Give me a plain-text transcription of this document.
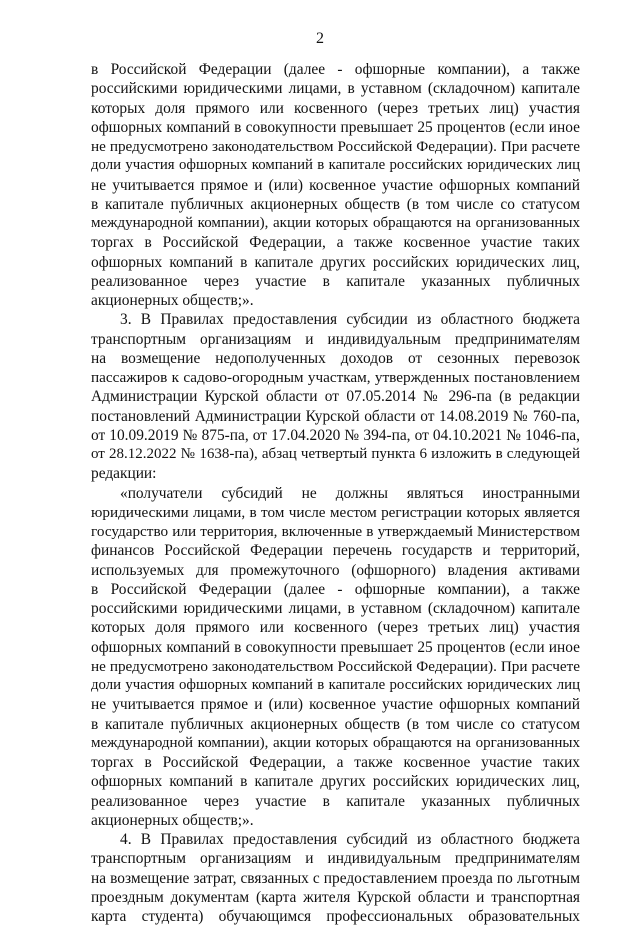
2
в Российской Федерации (далее - офшорные компании), а также
российскими юридическими лицами, в уставном (складочном) капитале
которых доля прямого или косвенного (через третьих лиц) участия
офшорных компаний в совокупности превышает 25 процентов (если иное
не предусмотрено законодательством Российской Федерации). При расчете
доли участия офшорных компаний в капитале российских юридических лиц
не учитывается прямое и (или) косвенное участие офшорных компаний
в капитале публичных акционерных обществ (в том числе со статусом
международной компании), акции которых обращаются на организованных
торгах в Российской Федерации, а также косвенное участие таких
офшорных компаний в капитале других российских юридических лиц,
реализованное через участие в капитале указанных публичных
акционерных обществ;».
3. В Правилах предоставления субсидии из областного бюджета
транспортным организациям и индивидуальным предпринимателям
на возмещение недополученных доходов от сезонных перевозок
пассажиров к садово-огородным участкам, утвержденных постановлением
Администрации Курской области от 07.05.2014 № 296-па (в редакции
постановлений Администрации Курской области от 14.08.2019 № 760-па,
от 10.09.2019 № 875-па, от 17.04.2020 № 394-па, от 04.10.2021 № 1046-па,
от 28.12.2022 № 1638-па), абзац четвертый пункта 6 изложить в следующей
редакции:
«получатели субсидий не должны являться иностранными
юридическими лицами, в том числе местом регистрации которых является
государство или территория, включенные в утверждаемый Министерством
финансов Российской Федерации перечень государств и территорий,
используемых для промежуточного (офшорного) владения активами
в Российской Федерации (далее - офшорные компании), а также
российскими юридическими лицами, в уставном (складочном) капитале
которых доля прямого или косвенного (через третьих лиц) участия
офшорных компаний в совокупности превышает 25 процентов (если иное
не предусмотрено законодательством Российской Федерации). При расчете
доли участия офшорных компаний в капитале российских юридических лиц
не учитывается прямое и (или) косвенное участие офшорных компаний
в капитале публичных акционерных обществ (в том числе со статусом
международной компании), акции которых обращаются на организованных
торгах в Российской Федерации, а также косвенное участие таких
офшорных компаний в капитале других российских юридических лиц,
реализованное через участие в капитале указанных публичных
акционерных обществ;».
4. В Правилах предоставления субсидий из областного бюджета
транспортным организациям и индивидуальным предпринимателям
на возмещение затрат, связанных с предоставлением проезда по льготным
проездным документам (карта жителя Курской области и транспортная
карта студента) обучающимся профессиональных образовательных
